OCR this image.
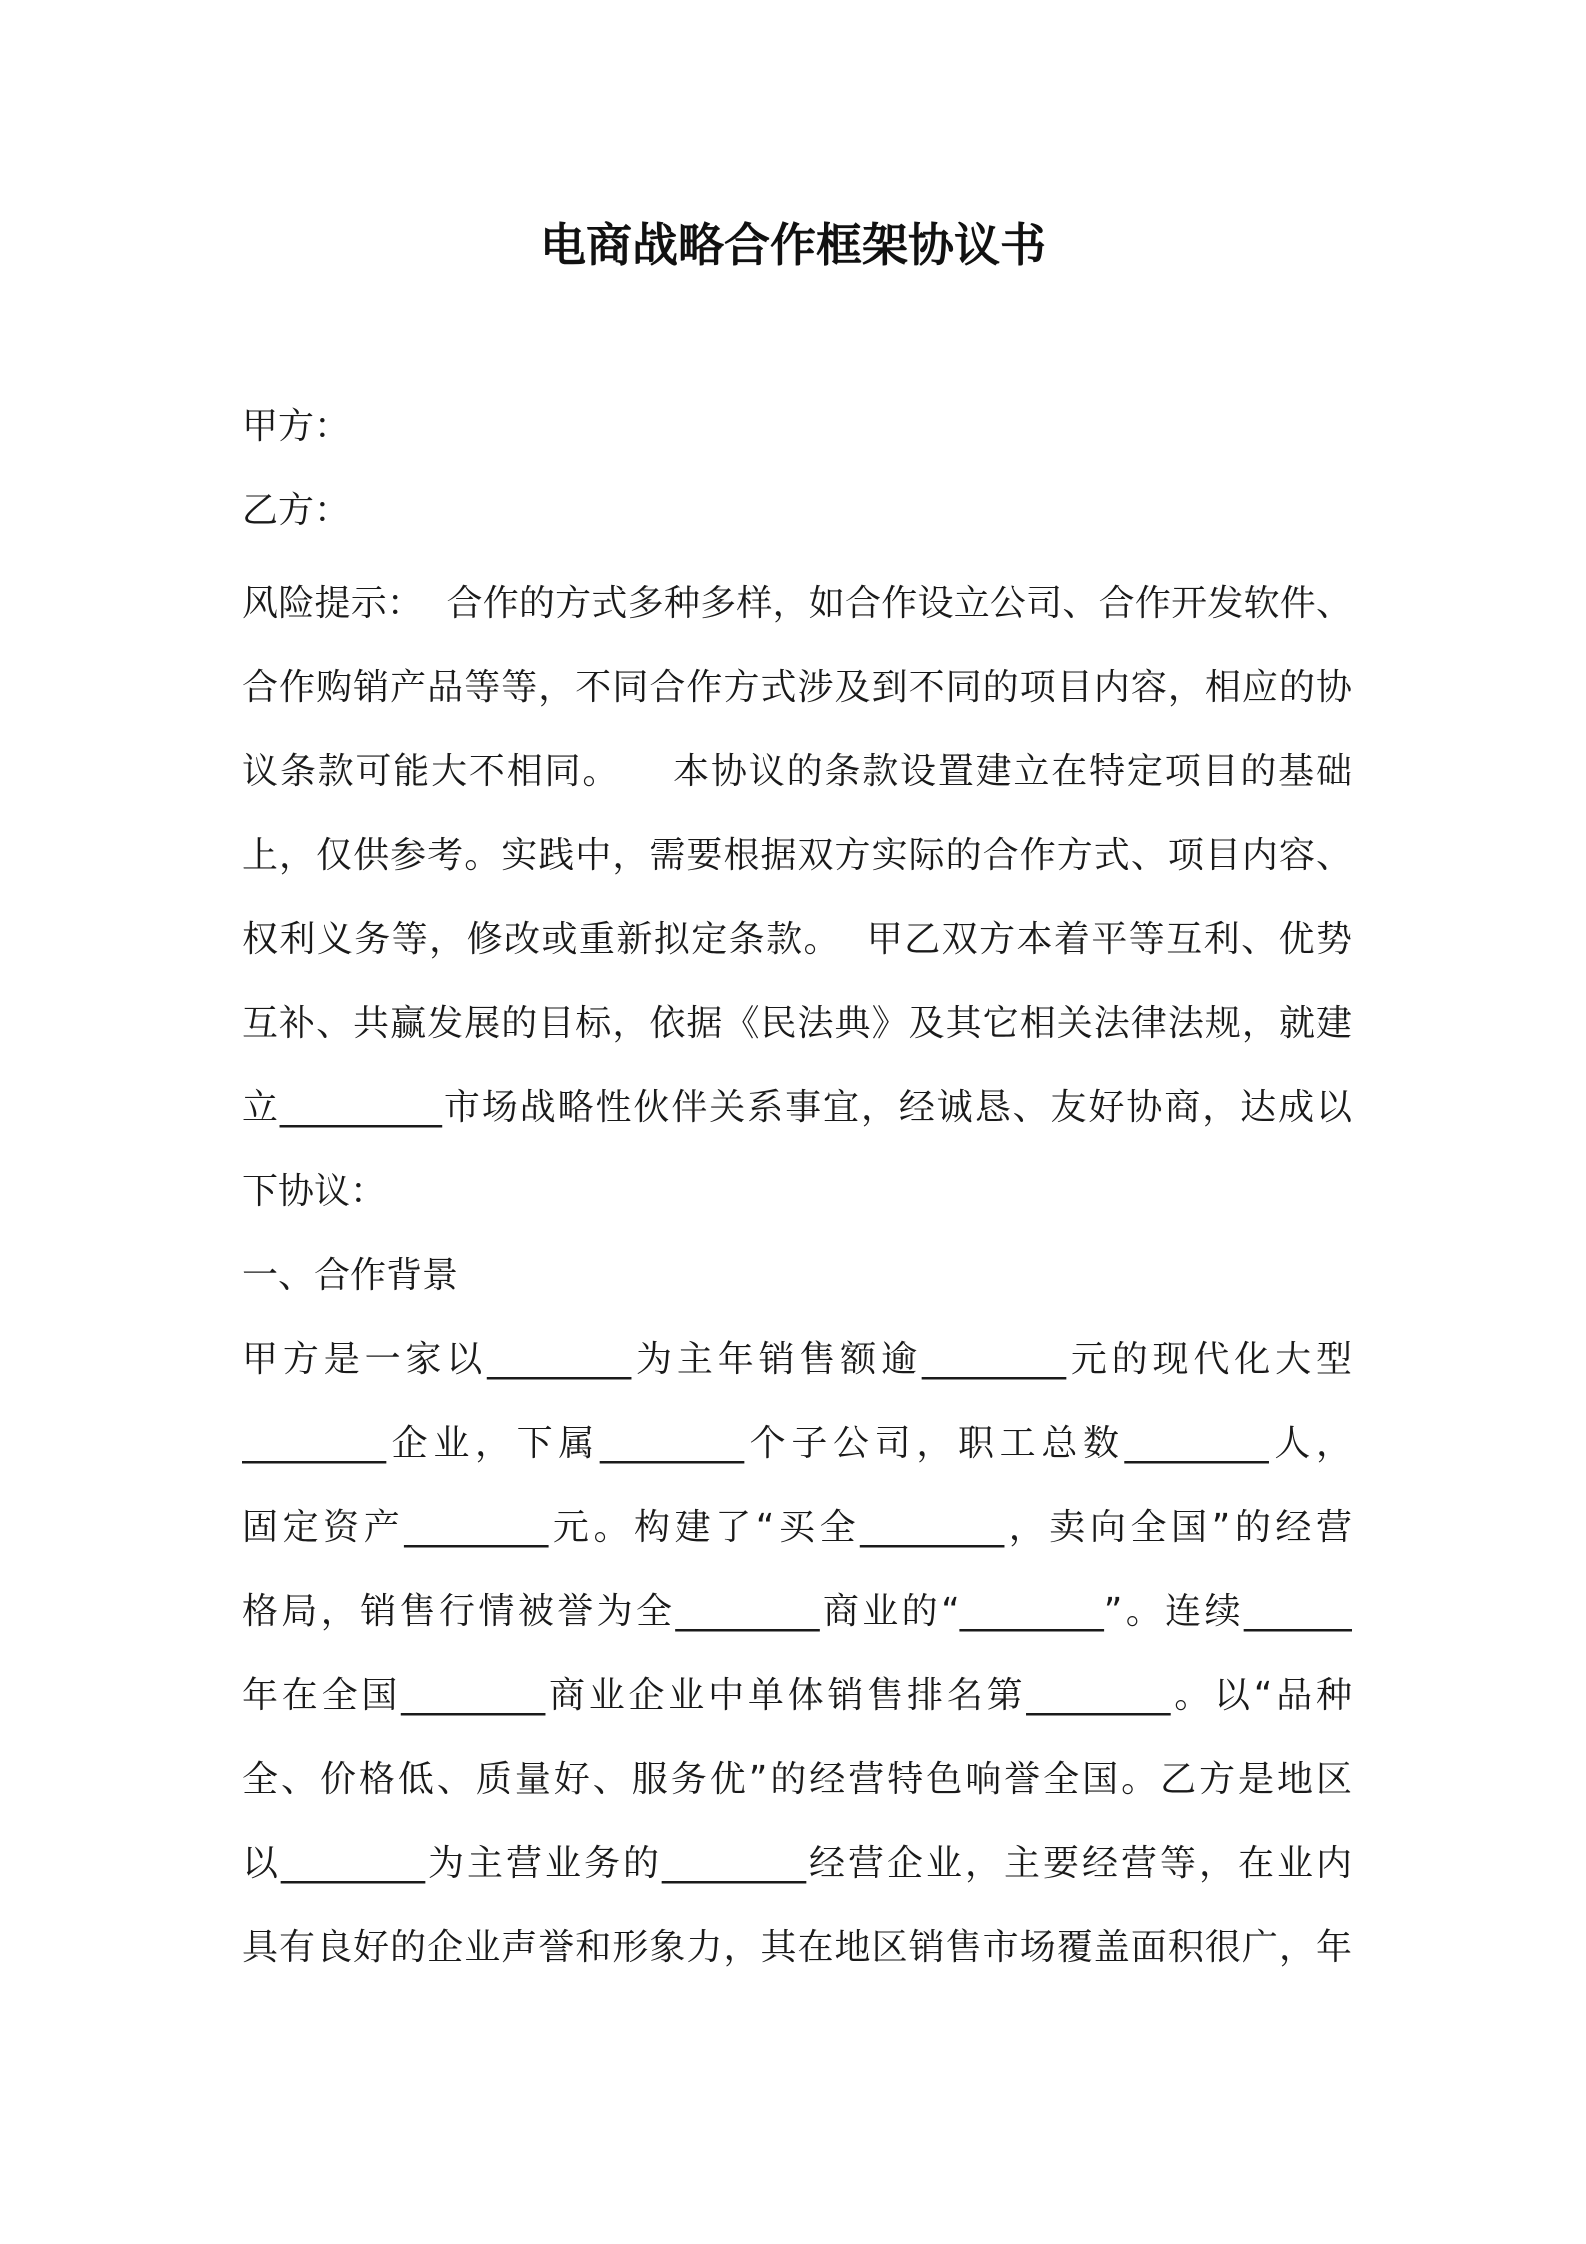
电商战略合作框架协议书

甲方：

乙方：

风险提示：  合作的方式多种多样，如合作设立公司、合作开发软件、

合作购销产品等等，不同合作方式涉及到不同的项目内容，相应的协

议条款可能大不相同。    本协议的条款设置建立在特定项目的基础

上，仅供参考。实践中，需要根据双方实际的合作方式、项目内容、

权利义务等，修改或重新拟定条款。  甲乙双方本着平等互利、优势

互补、共赢发展的目标，依据《民法典》及其它相关法律法规，就建

立_________市场战略性伙伴关系事宜，经诚恳、友好协商，达成以

下协议：

一、合作背景

甲方是一家以________为主年销售额逾________元的现代化大型

________企业，下属________个子公司，职工总数________人，

固定资产________元。构建了“买全________，卖向全国”的经营

格局，销售行情被誉为全________商业的“________”。连续______

年在全国________商业企业中单体销售排名第________。以“品种

全、价格低、质量好、服务优”的经营特色响誉全国。乙方是地区

以________为主营业务的________经营企业，主要经营等，在业内

具有良好的企业声誉和形象力，其在地区销售市场覆盖面积很广，年
